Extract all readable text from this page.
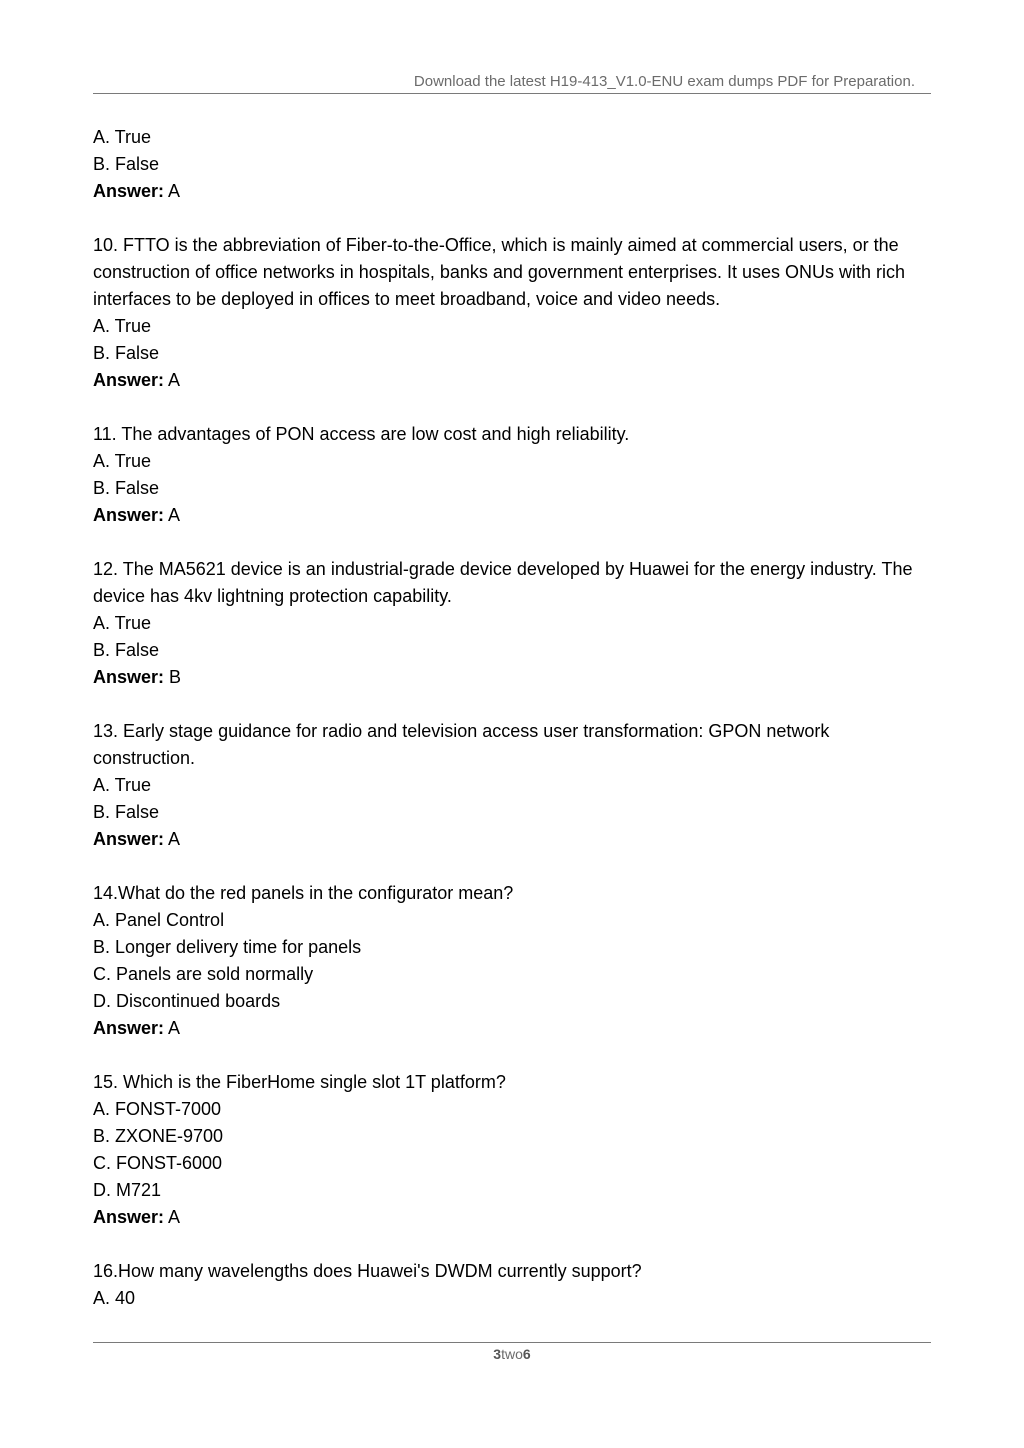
Download the latest H19-413_V1.0-ENU exam dumps PDF for Preparation.

A. True

B. False

Answer: A

10. FTTO is the abbreviation of Fiber-to-the-Office, which is mainly aimed at commercial users, or the construction of office networks in hospitals, banks and government enterprises. It uses ONUs with rich interfaces to be deployed in offices to meet broadband, voice and video needs.

A. True

B. False

Answer: A

11. The advantages of PON access are low cost and high reliability.

A. True

B. False

Answer: A

12. The MA5621 device is an industrial-grade device developed by Huawei for the energy industry. The device has 4kv lightning protection capability.

A. True

B. False

Answer: B

13. Early stage guidance for radio and television access user transformation: GPON network construction.

A. True

B. False

Answer: A

14.What do the red panels in the configurator mean?

A. Panel Control

B. Longer delivery time for panels

C. Panels are sold normally

D. Discontinued boards

Answer: A

15. Which is the FiberHome single slot 1T platform?

A. FONST-7000

B. ZXONE-9700

C. FONST-6000

D. M721

Answer: A

16.How many wavelengths does Huawei's DWDM currently support?

A. 40

3two6
